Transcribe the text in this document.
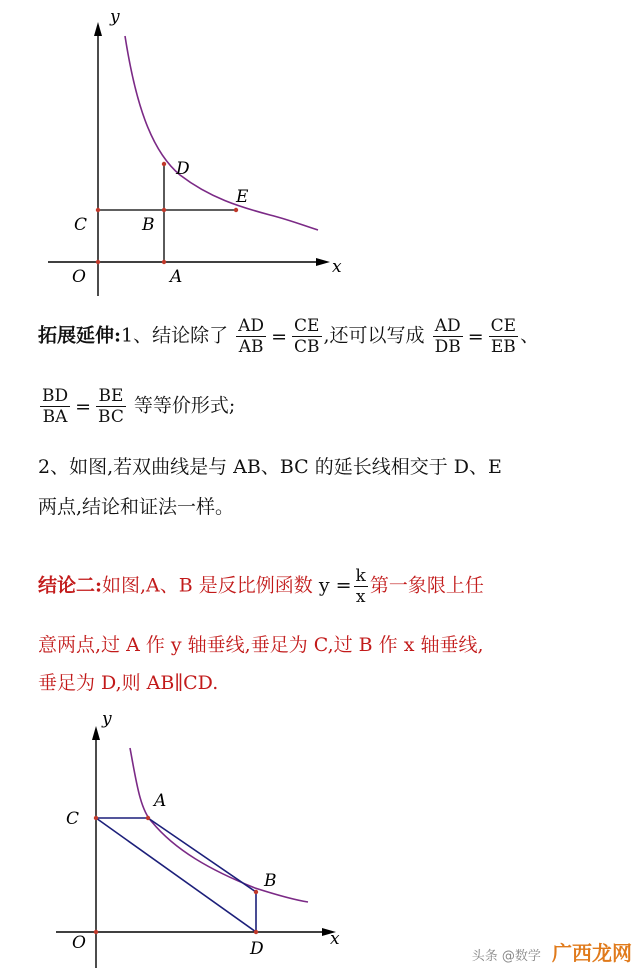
y
x
O	A
B
C
D
E
拓展延伸:1、结论除了 $\frac{AD}{AB} = \frac{CE}{CB}$ ,还可以写成 $\frac{AD}{DB} = \frac{CE}{EB}$ 、
$\frac{BD}{BA} = \frac{BE}{BC}$ 等等价形式;
2、如图,若双曲线是与 AB、BC 的延长线相交于 D、E
两点,结论和证法一样。
结论二:如图,A、B 是反比例函数 $y = \frac{k}{x}$ 第一象限上任
意两点,过 A 作 y 轴垂线,垂足为 C,过 B 作 x 轴垂线,
垂足为 D,则 AB∥CD.
y
x
O
C
A
B
D	头条 @数学 广西龙网
